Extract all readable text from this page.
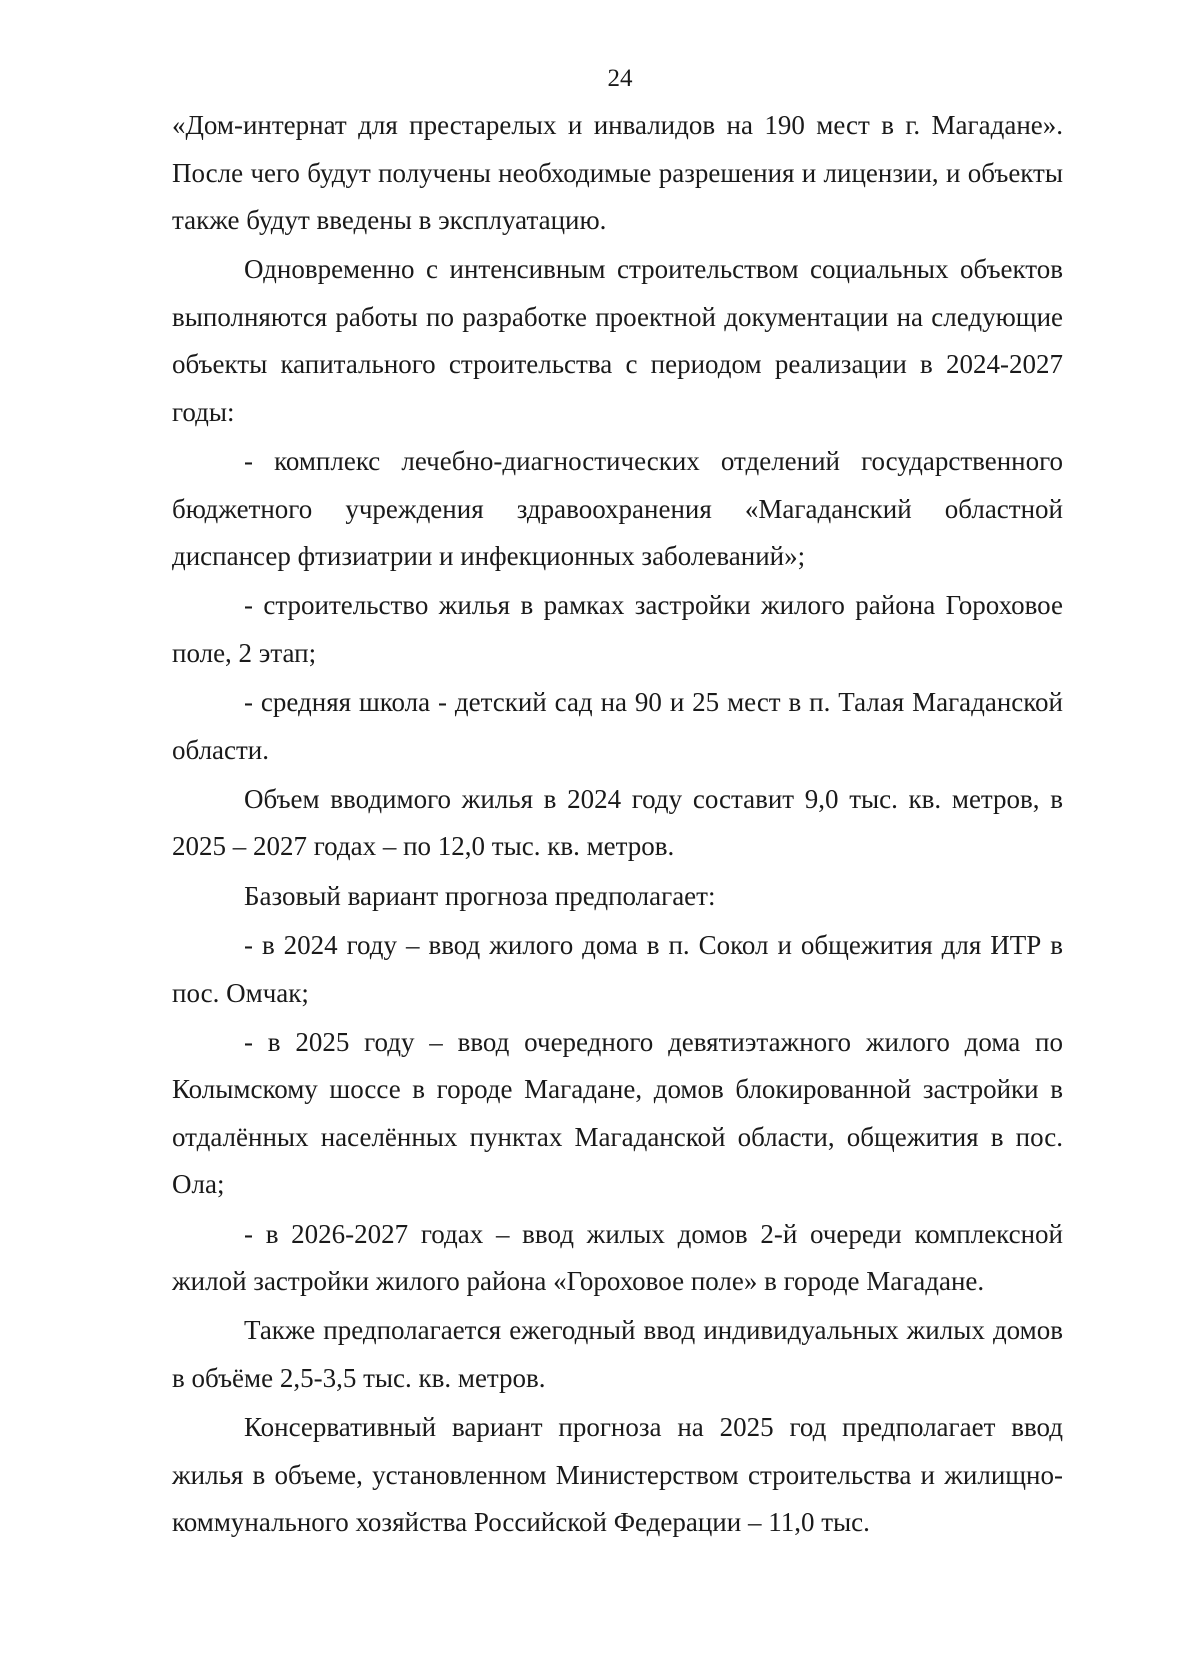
24

«Дом-интернат для престарелых и инвалидов на 190 мест в г. Магадане». После чего будут получены необходимые разрешения и лицензии, и объекты также будут введены в эксплуатацию.

Одновременно с интенсивным строительством социальных объектов выполняются работы по разработке проектной документации на следующие объекты капитального строительства с периодом реализации в 2024-2027 годы:

- комплекс лечебно-диагностических отделений государственного бюджетного учреждения здравоохранения «Магаданский областной диспансер фтизиатрии и инфекционных заболеваний»;

- строительство жилья в рамках застройки жилого района Гороховое поле, 2 этап;

- средняя школа - детский сад на 90 и 25 мест в п. Талая Магаданской области.

Объем вводимого жилья в 2024 году составит 9,0 тыс. кв. метров, в 2025 – 2027 годах – по 12,0 тыс. кв. метров.

Базовый вариант прогноза предполагает:

- в 2024 году – ввод жилого дома в п. Сокол и общежития для ИТР в пос. Омчак;

- в 2025 году – ввод очередного девятиэтажного жилого дома по Колымскому шоссе в городе Магадане, домов блокированной застройки в отдалённых населённых пунктах Магаданской области, общежития в пос. Ола;

- в 2026-2027 годах – ввод жилых домов 2-й очереди комплексной жилой застройки жилого района «Гороховое поле» в городе Магадане.

Также предполагается ежегодный ввод индивидуальных жилых домов в объёме 2,5-3,5 тыс. кв. метров.

Консервативный вариант прогноза на 2025 год предполагает ввод жилья в объеме, установленном Министерством строительства и жилищно-коммунального хозяйства Российской Федерации – 11,0 тыс.
